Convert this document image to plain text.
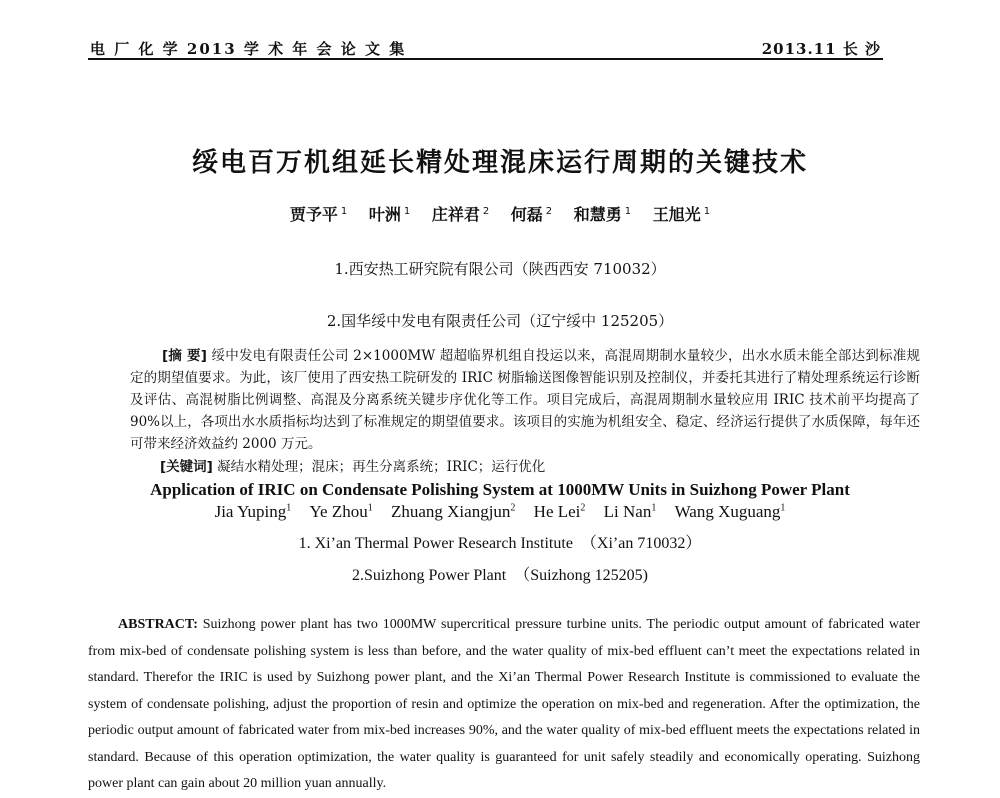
电 厂 化 学 2013 学 术 年 会 论 文 集	2013.11 长 沙
绥电百万机组延长精处理混床运行周期的关键技术
贾予平 $^1$ 叶洲 $^1$ 庄祥君 $^2$ 何磊 $^2$ 和慧勇 $^1$ 王旭光 $^1$
1.西安热工研究院有限公司（陕西西安 710032）
2.国华绥中发电有限责任公司（辽宁绥中 125205）
[摘 要] 绥中发电有限责任公司 2×1000MW 超超临界机组自投运以来，高混周期制水量较少，出水水质未能全部达到标准规定的期望值要求。为此，该厂使用了西安热工院研发的 IRIC 树脂输送图像智能识别及控制仪，并委托其进行了精处理系统运行诊断及评估、高混树脂比例调整、高混及分离系统关键步序优化等工作。项目完成后，高混周期制水量较应用 IRIC 技术前平均提高了 90%以上，各项出水水质指标均达到了标准规定的期望值要求。该项目的实施为机组安全、稳定、经济运行提供了水质保障，每年还可带来经济效益约 2000 万元。
[关键词] 凝结水精处理；混床；再生分离系统；IRIC；运行优化
Application of IRIC on Condensate Polishing System at 1000MW Units in Suizhong Power Plant
Jia Yuping$^1$ Ye Zhou$^1$ Zhuang Xiangjun$^2$ He Lei$^2$ Li Nan$^1$ Wang Xuguang$^1$
1. Xi’an Thermal Power Research Institute　（Xi’an 710032）
2.Suizhong Power Plant　（Suizhong 125205)
ABSTRACT: Suizhong power plant has two 1000MW supercritical pressure turbine units. The periodic output amount of fabricated water from mix-bed of condensate polishing system is less than before, and the water quality of mix-bed effluent can’t meet the expectations related in standard. Therefor the IRIC is used by Suizhong power plant, and the Xi’an Thermal Power Research Institute is commissioned to evaluate the system of condensate polishing, adjust the proportion of resin and optimize the operation on mix-bed and regeneration. After the optimization, the periodic output amount of fabricated water from mix-bed increases 90%, and the water quality of mix-bed effluent meets the expectations related in standard. Because of this operation optimization, the water quality is guaranteed for unit safely steadily and economically operating. Suizhong power plant can gain about 20 million yuan annually.
